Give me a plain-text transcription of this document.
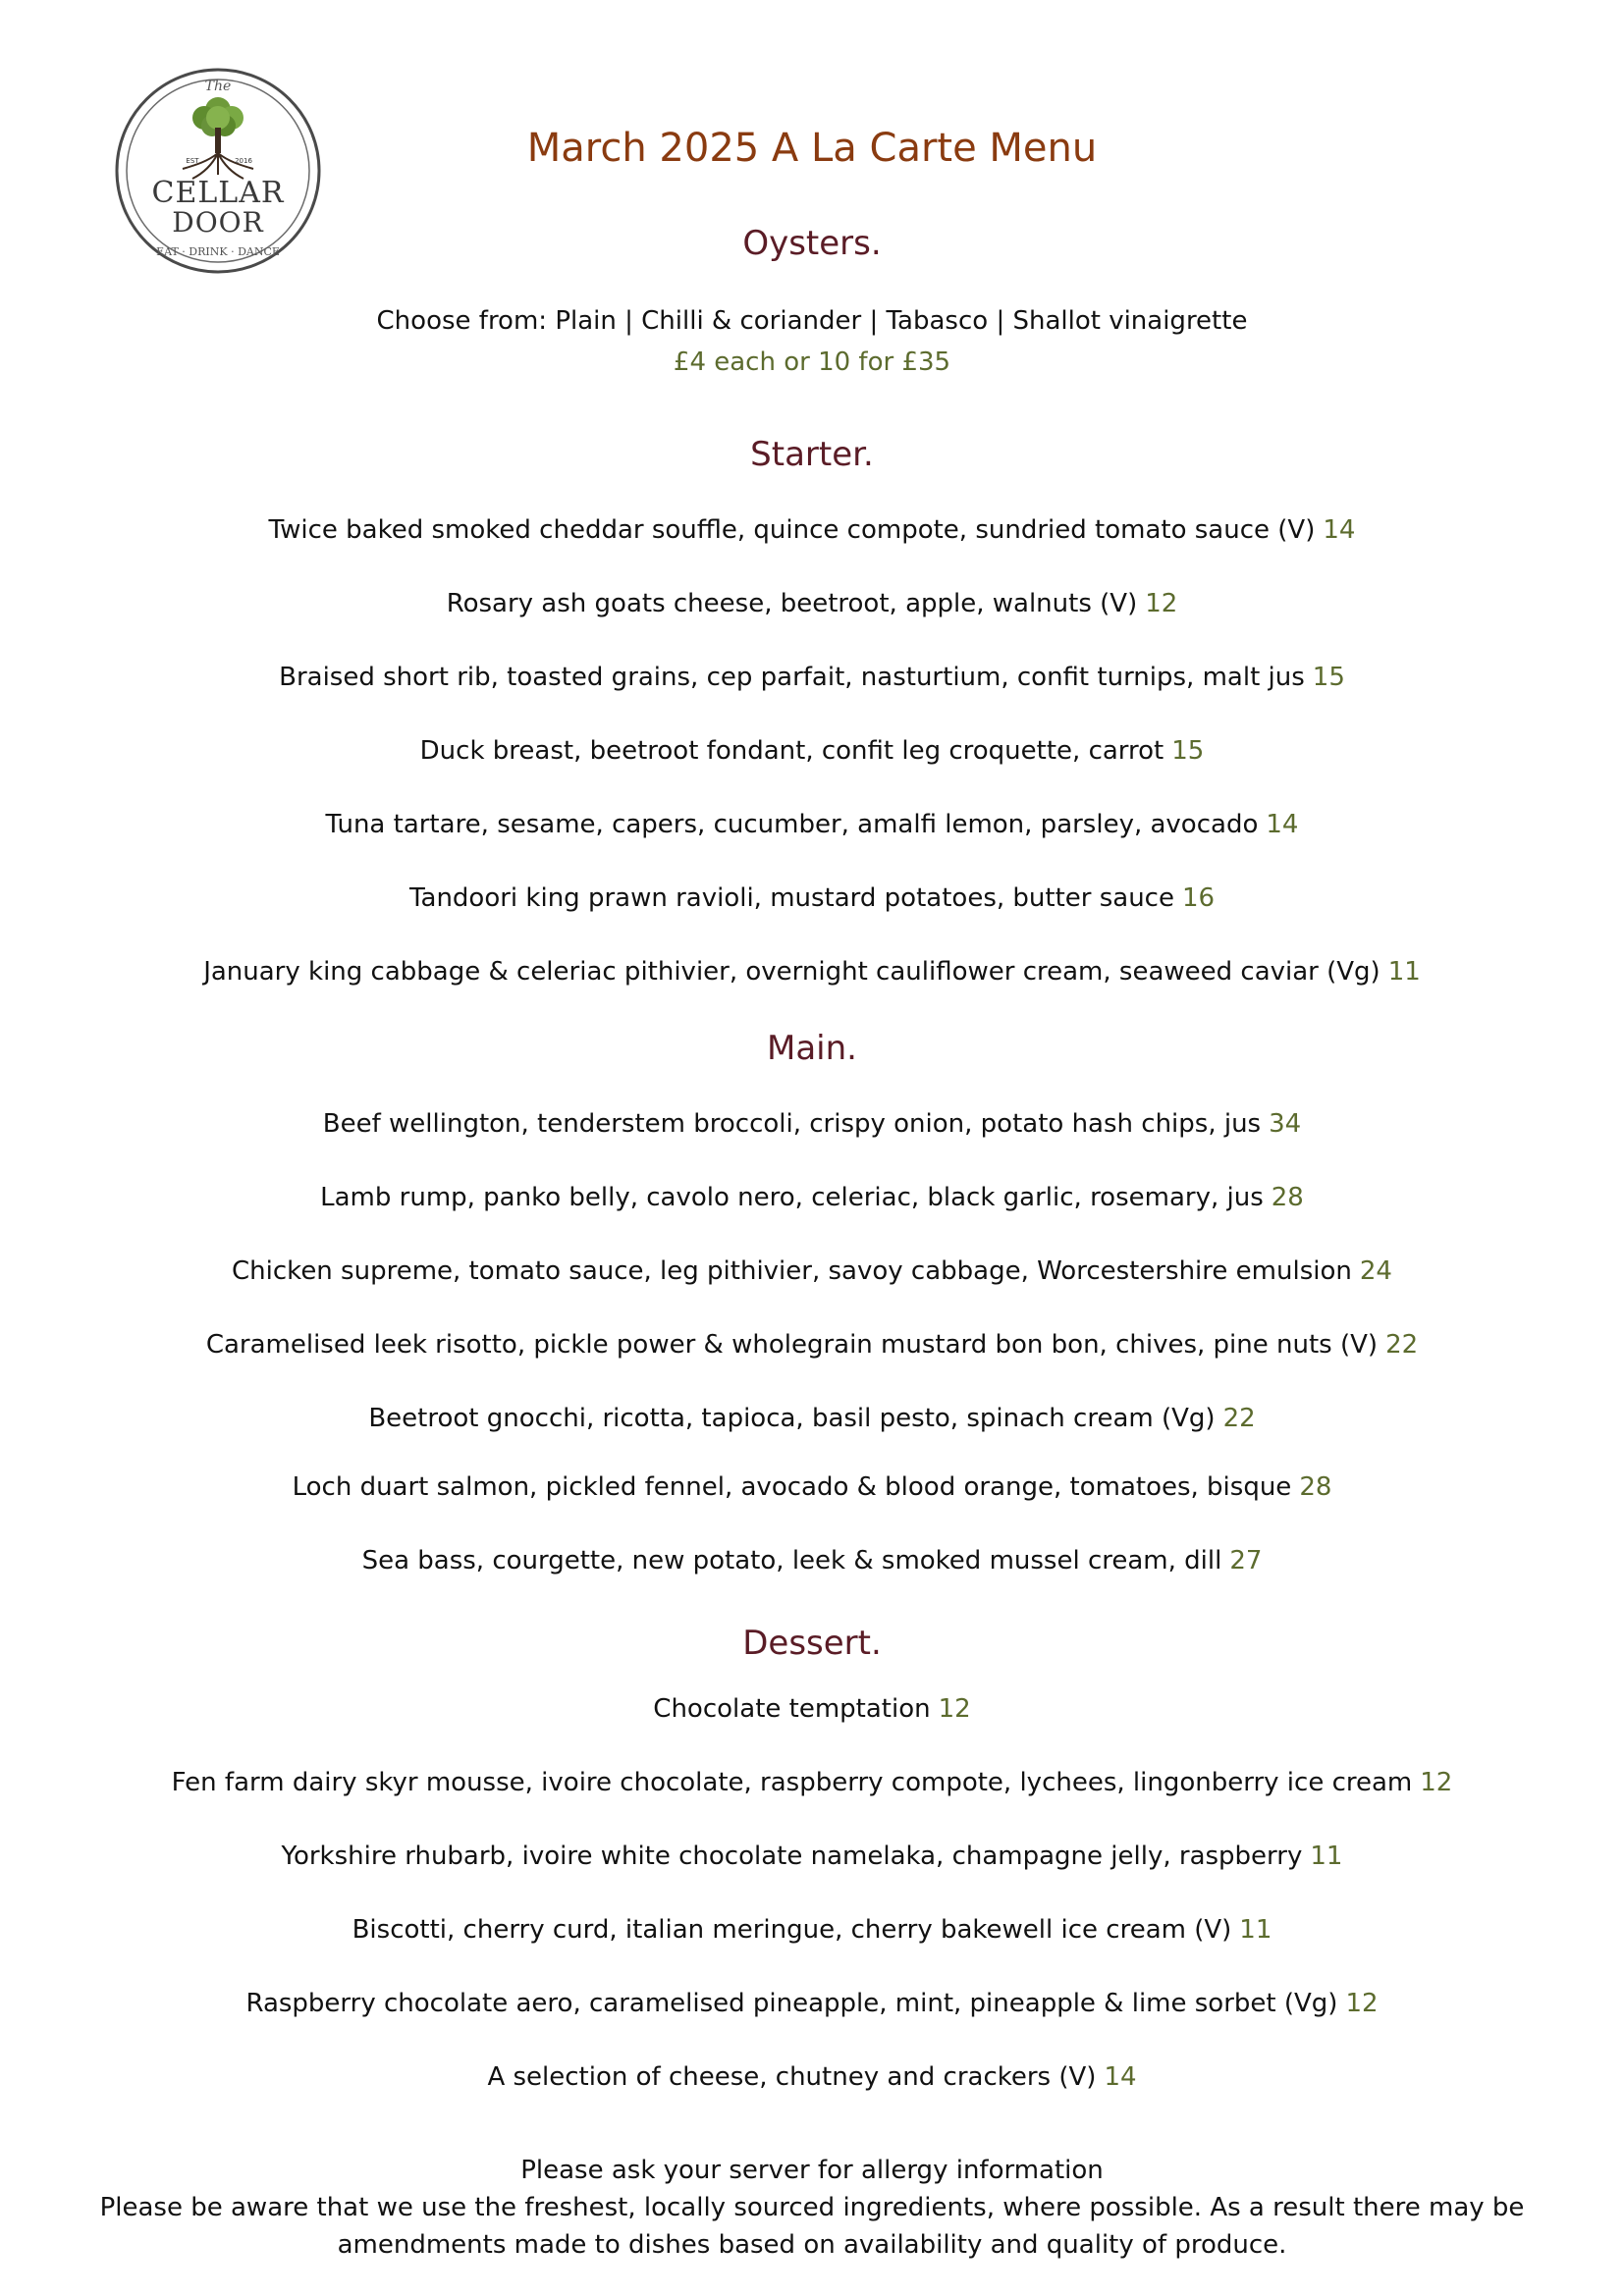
The
EST	2016
CELLAR
DOOR
EAT · DRINK · DANCE
March 2025 A La Carte Menu
Oysters.
Choose from: Plain | Chilli & coriander | Tabasco | Shallot vinaigrette
£4 each or 10 for £35
Starter.
Twice baked smoked cheddar souffle, quince compote, sundried tomato sauce (V) 14
Rosary ash goats cheese, beetroot, apple, walnuts (V) 12
Braised short rib, toasted grains, cep parfait, nasturtium, confit turnips, malt jus 15
Duck breast, beetroot fondant, confit leg croquette, carrot 15
Tuna tartare, sesame, capers, cucumber, amalfi lemon, parsley, avocado 14
Tandoori king prawn ravioli, mustard potatoes, butter sauce 16
January king cabbage & celeriac pithivier, overnight cauliflower cream, seaweed caviar (Vg) 11
Main.
Beef wellington, tenderstem broccoli, crispy onion, potato hash chips, jus 34
Lamb rump, panko belly, cavolo nero, celeriac, black garlic, rosemary, jus 28
Chicken supreme, tomato sauce, leg pithivier, savoy cabbage, Worcestershire emulsion 24
Caramelised leek risotto, pickle power & wholegrain mustard bon bon, chives, pine nuts (V) 22
Beetroot gnocchi, ricotta, tapioca, basil pesto, spinach cream (Vg) 22
Loch duart salmon, pickled fennel, avocado & blood orange, tomatoes, bisque 28
Sea bass, courgette, new potato, leek & smoked mussel cream, dill 27
Dessert.
Chocolate temptation 12
Fen farm dairy skyr mousse, ivoire chocolate, raspberry compote, lychees, lingonberry ice cream 12
Yorkshire rhubarb, ivoire white chocolate namelaka, champagne jelly, raspberry 11
Biscotti, cherry curd, italian meringue, cherry bakewell ice cream (V) 11
Raspberry chocolate aero, caramelised pineapple, mint, pineapple & lime sorbet (Vg) 12
A selection of cheese, chutney and crackers (V) 14
Please ask your server for allergy information
Please be aware that we use the freshest, locally sourced ingredients, where possible. As a result there may be
amendments made to dishes based on availability and quality of produce.
